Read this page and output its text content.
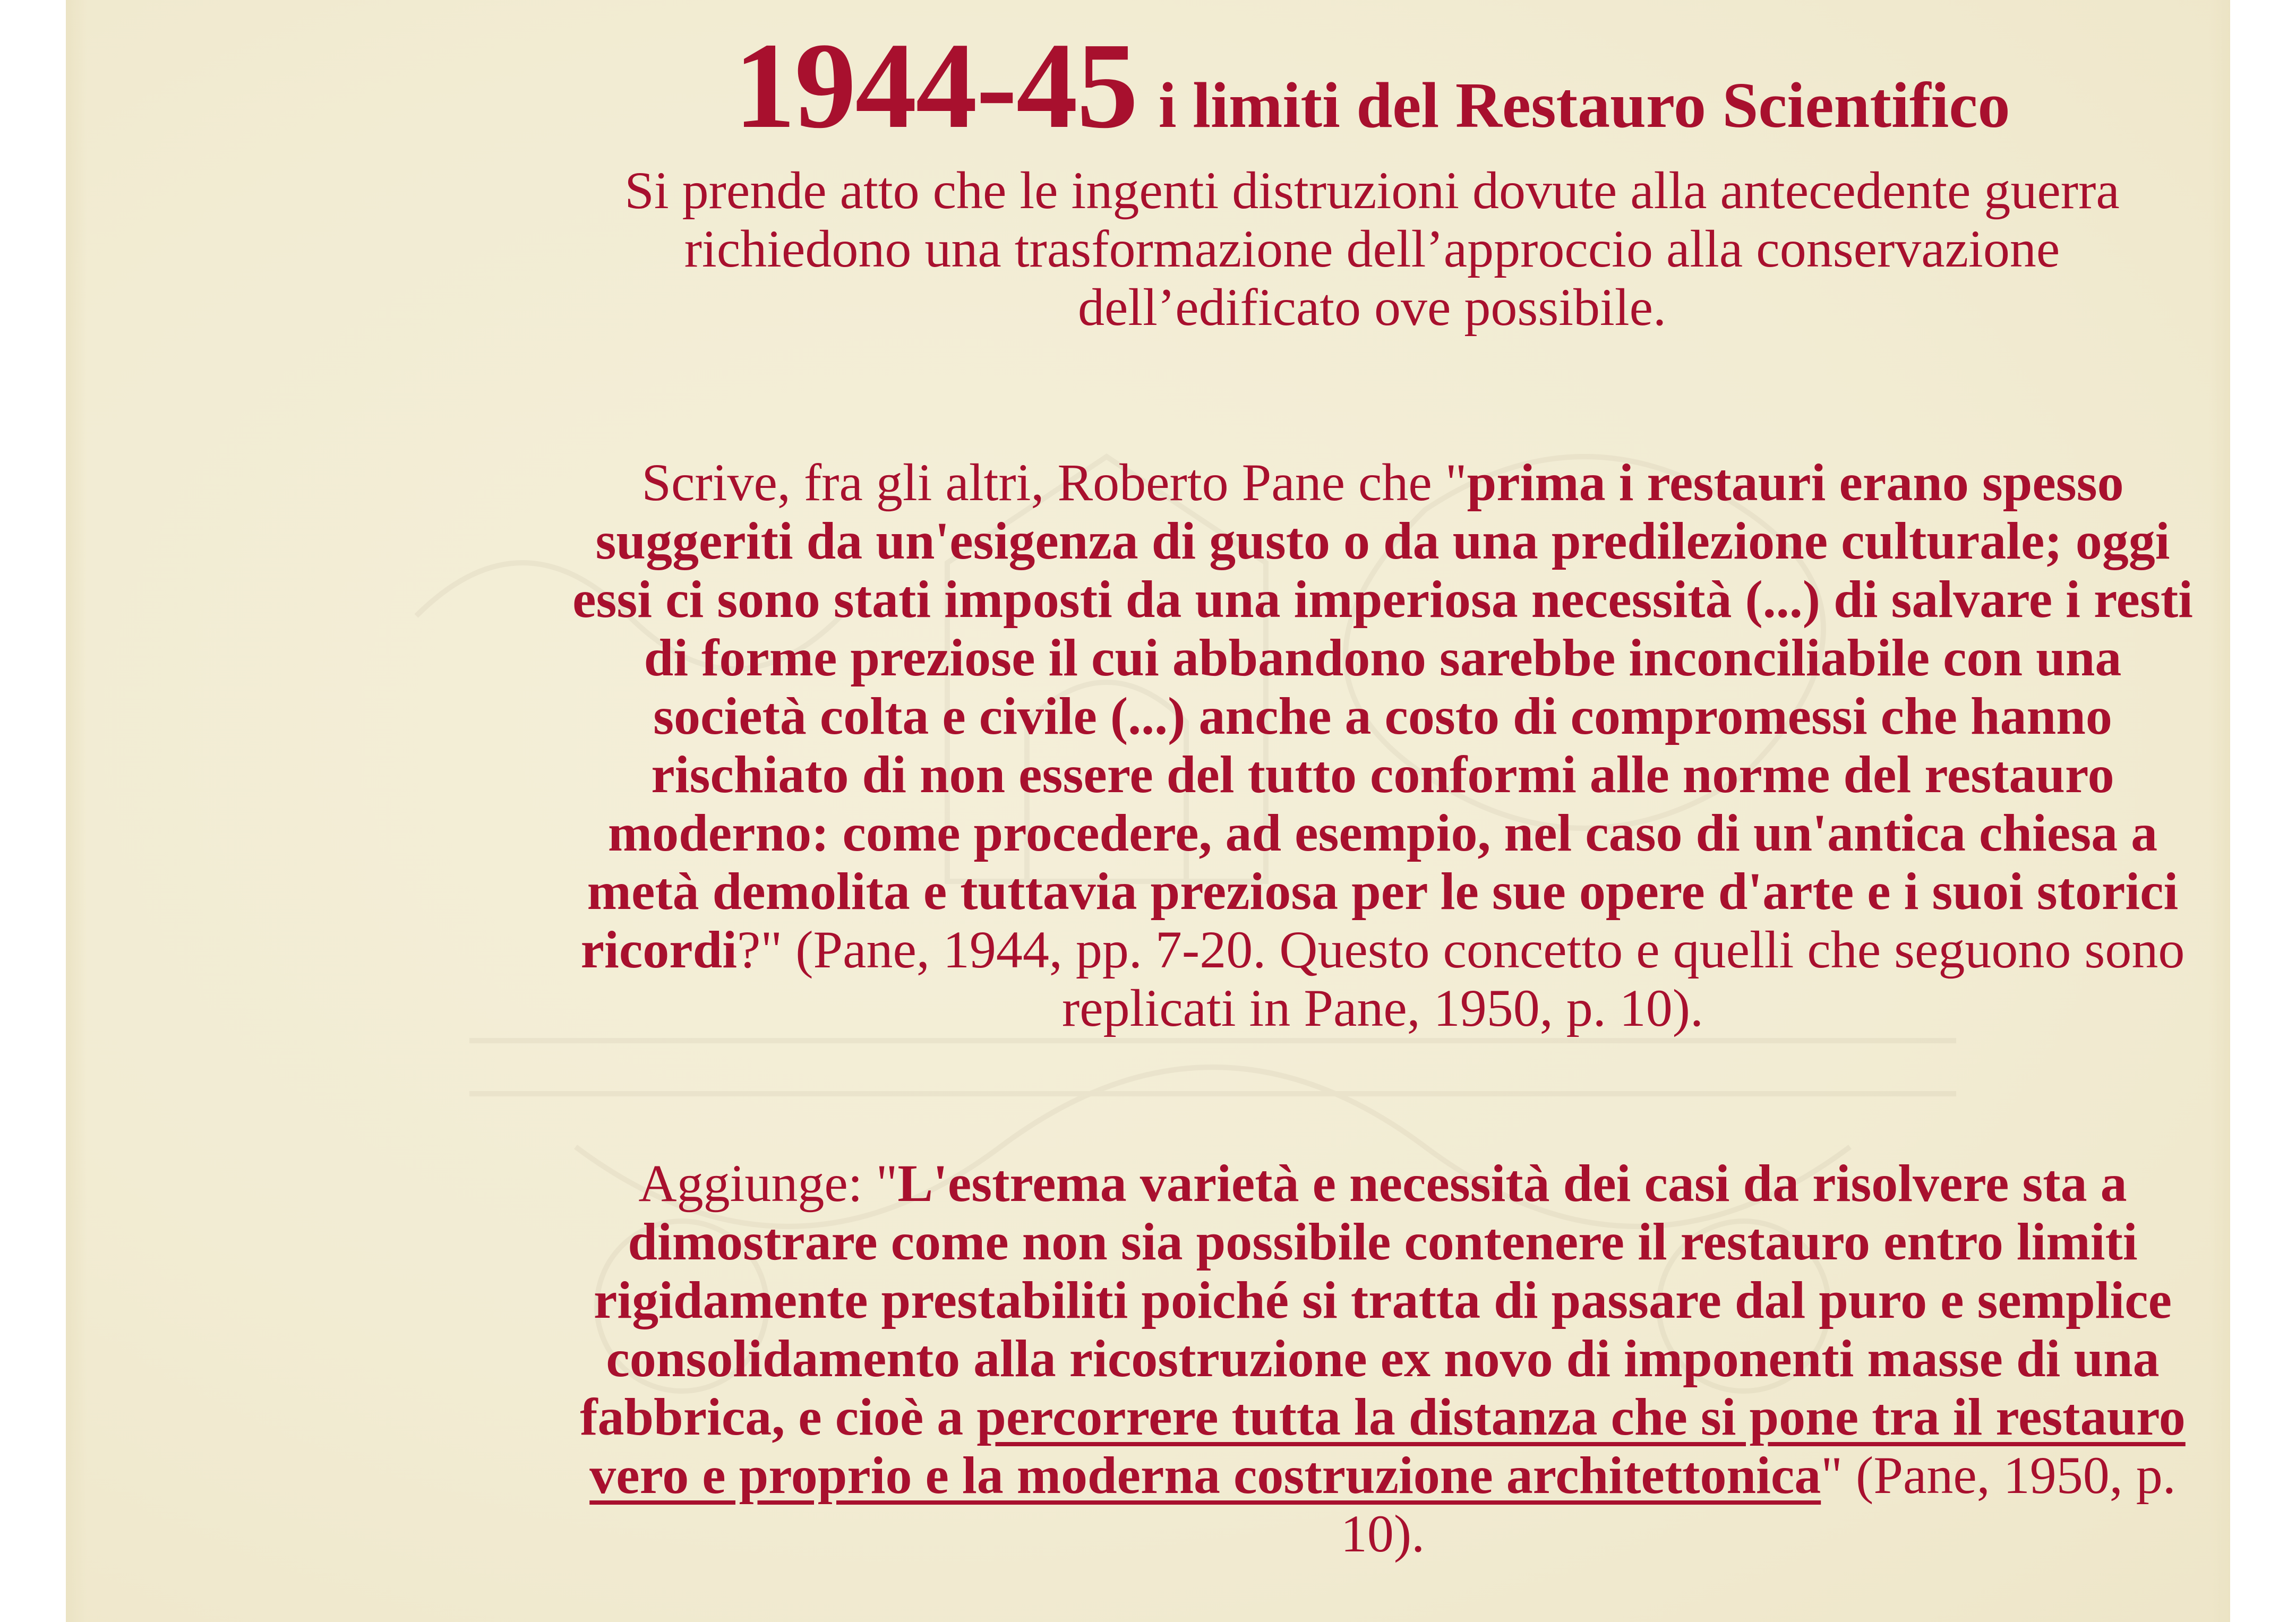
1944-45 i limiti del Restauro Scientifico

Si prende atto che le ingenti distruzioni dovute alla antecedente guerra richiedono una trasformazione dell’approccio alla conservazione dell’edificato ove possibile.

Scrive, fra gli altri, Roberto Pane che "prima i restauri erano spesso suggeriti da un'esigenza di gusto o da una predilezione culturale; oggi essi ci sono stati imposti da una imperiosa necessità (...) di salvare i resti di forme preziose il cui abbandono sarebbe inconciliabile con una società colta e civile (...) anche a costo di compromessi che hanno rischiato di non essere del tutto conformi alle norme del restauro moderno: come procedere, ad esempio, nel caso di un'antica chiesa a metà demolita e tuttavia preziosa per le sue opere d'arte e i suoi storici ricordi?" (Pane, 1944, pp. 7-20. Questo concetto e quelli che seguono sono replicati in Pane, 1950, p. 10).

Aggiunge: "L'estrema varietà e necessità dei casi da risolvere sta a dimostrare come non sia possibile contenere il restauro entro limiti rigidamente prestabiliti poiché si tratta di passare dal puro e semplice consolidamento alla ricostruzione ex novo di imponenti masse di una fabbrica, e cioè a percorrere tutta la distanza che si pone tra il restauro vero e proprio e la moderna costruzione architettonica" (Pane, 1950, p. 10).
